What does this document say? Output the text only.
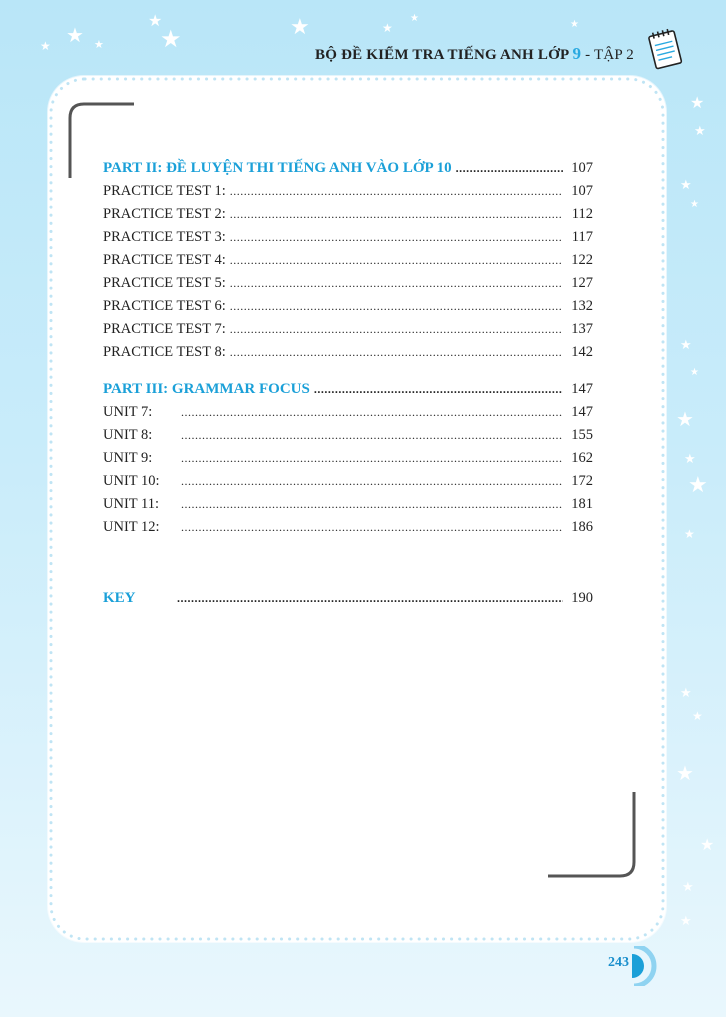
★
★
★	★ ★
★	★
★
★
★
★
★
★
★
★
★
★
★
★
★
★
★
★
★
★
BỘ ĐỀ KIỂM TRA TIẾNG ANH LỚP 9 - TẬP 2
PART II: ĐỀ LUYỆN THI TIẾNG ANH VÀO LỚP 10 .....	107
PRACTICE TEST 1: .....	107
PRACTICE TEST 2: .....	112
PRACTICE TEST 3: .....	117
PRACTICE TEST 4: .....	122
PRACTICE TEST 5: .....	127
PRACTICE TEST 6: .....	132
PRACTICE TEST 7: .....	137
PRACTICE TEST 8: .....	142
PART III: GRAMMAR FOCUS .....	147
UNIT 7: .....	147
UNIT 8: .....	155
UNIT 9: .....	162
UNIT 10: .....	172
UNIT 11: .....	181
UNIT 12: .....	186
KEY .....	190
243
